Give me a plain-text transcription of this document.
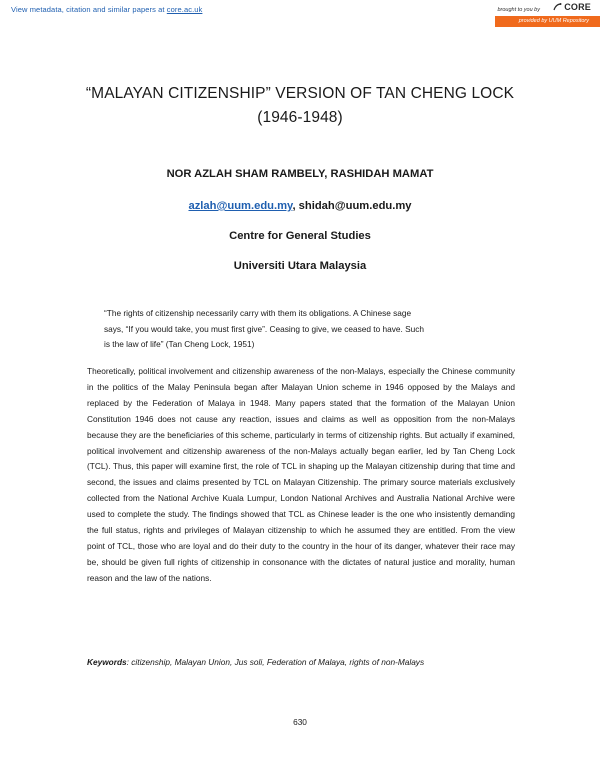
View metadata, citation and similar papers at core.ac.uk	brought to you by	CORE
provided by UUM Repository
“MALAYAN CITIZENSHIP” VERSION OF TAN CHENG LOCK
(1946-1948)
NOR AZLAH SHAM RAMBELY, RASHIDAH MAMAT
azlah@uum.edu.my, shidah@uum.edu.my
Centre for General Studies
Universiti Utara Malaysia
“The rights of citizenship necessarily carry with them its obligations. A Chinese sage
says, “If you would take, you must first give”. Ceasing to give, we ceased to have. Such
is the law of life” (Tan Cheng Lock, 1951)
Theoretically, political involvement and citizenship awareness of the non-Malays, especially the Chinese community in the politics of the Malay Peninsula began after Malayan Union scheme in 1946 opposed by the Malays and replaced by the Federation of Malaya in 1948. Many papers stated that the formation of the Malayan Union Constitution 1946 does not cause any reaction, issues and claims as well as opposition from the non-Malays because they are the beneficiaries of this scheme, particularly in terms of citizenship rights. But actually if examined, political involvement and citizenship awareness of the non-Malays actually began earlier, led by Tan Cheng Lock (TCL). Thus, this paper will examine first, the role of TCL in shaping up the Malayan citizenship during that time and second, the issues and claims presented by TCL on Malayan Citizenship. The primary source materials exclusively collected from the National Archive Kuala Lumpur, London National Archives and Australia National Archive were used to complete the study. The findings showed that TCL as Chinese leader is the one who insistently demanding the full status, rights and privileges of Malayan citizenship to which he assumed they are entitled. From the view point of TCL, those who are loyal and do their duty to the country in the hour of its danger, whatever their race may be, should be given full rights of citizenship in consonance with the dictates of natural justice and morality, human reason and the law of the nations.
Keywords: citizenship, Malayan Union, Jus soli, Federation of Malaya, rights of non-Malays
630
